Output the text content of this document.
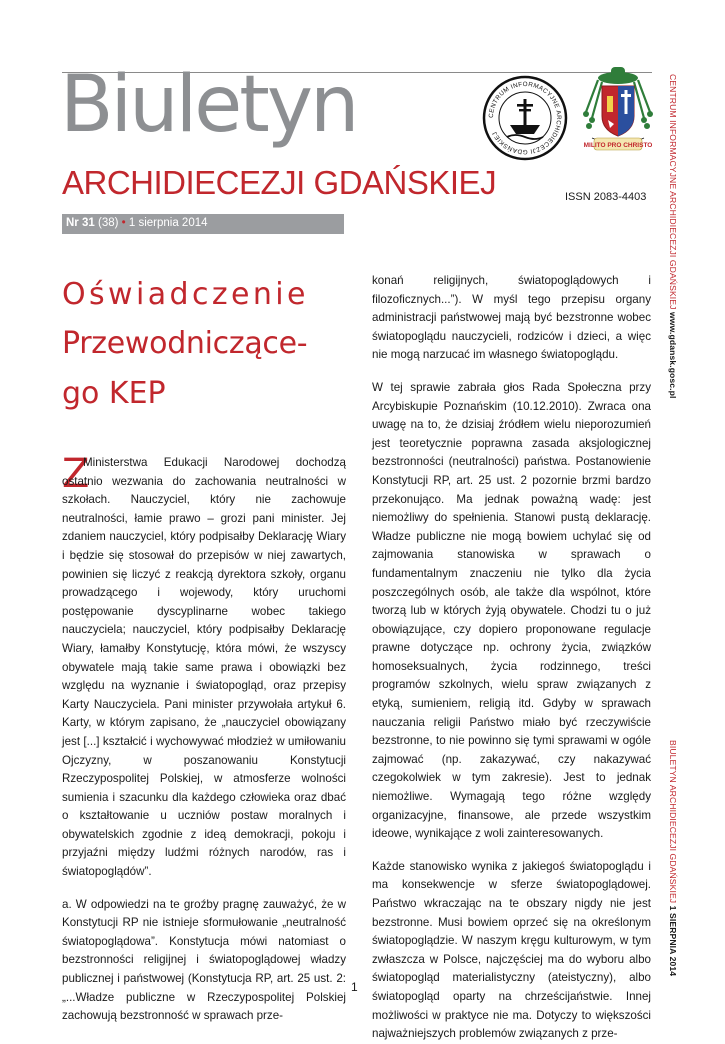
Biuletyn
ARCHIDIECEZJI GDAŃSKIEJ	ISSN 2083-4403
Nr 31 (38) • 1 sierpnia 2014
CENTRUM INFORMACYJNE ARCHIDIECEZJI GDAŃSKIEJ
MILITO PRO CHRISTO CENTRUM INFORMACYJNE ARCHIDIECEZJI GDAŃSKIEJ www.gdansk.gosc.pl
BIULETYN ARCHIDIECEZJI GDAŃSKIEJ 1 SIERPNIA 2014
Oświadczenie
Przewodniczące-
go KEP
Z

Ministerstwa Edukacji Narodowej dochodzą ostatnio wezwania do zachowania neutralności w szkołach. Nauczyciel, który nie zachowuje neutralności, łamie prawo – grozi pani minister. Jej zdaniem nauczyciel, który podpisałby Deklarację Wiary i będzie się stosował do przepisów w niej zawartych, powinien się liczyć z reakcją dyrektora szkoły, organu prowadzącego i wojewody, który uruchomi postępowanie dyscyplinarne wobec takiego nauczyciela; nauczyciel, który podpisałby Deklarację Wiary, łamałby Konstytucję, która mówi, że wszyscy obywatele mają takie same prawa i obowiązki bez względu na wyznanie i światopogląd, oraz przepisy Karty Nauczyciela. Pani minister przywołała artykuł 6. Karty, w którym zapisano, że „nauczyciel obowiązany jest [...] kształcić i wychowywać młodzież w umiłowaniu Ojczyzny, w poszanowaniu Konstytucji Rzeczypospolitej Polskiej, w atmosferze wolności sumienia i szacunku dla każdego człowieka oraz dbać o kształtowanie u uczniów postaw moralnych i obywatelskich zgodnie z ideą demokracji, pokoju i przyjaźni między ludźmi różnych narodów, ras i światopoglądów”.

a. W odpowiedzi na te groźby pragnę zauważyć, że w Konstytucji RP nie istnieje sformułowanie „neutralność światopoglądowa”. Konstytucja mówi natomiast o bezstronności religijnej i światopoglądowej władzy publicznej i państwowej (Konstytucja RP, art. 25 ust. 2: „...Władze publiczne w Rzeczypospolitej Polskiej zachowują bezstronność w sprawach prze-

konań religijnych, światopoglądowych i filozoficznych...”). W myśl tego przepisu organy administracji państwowej mają być bezstronne wobec światopoglądu nauczycieli, rodziców i dzieci, a więc nie mogą narzucać im własnego światopoglądu.

W tej sprawie zabrała głos Rada Społeczna przy Arcybiskupie Poznańskim (10.12.2010). Zwraca ona uwagę na to, że dzisiaj źródłem wielu nieporozumień jest teoretycznie poprawna zasada aksjologicznej bezstronności (neutralności) państwa. Postanowienie Konstytucji RP, art. 25 ust. 2 pozornie brzmi bardzo przekonująco. Ma jednak poważną wadę: jest niemożliwy do spełnienia. Stanowi pustą deklarację. Władze publiczne nie mogą bowiem uchylać się od zajmowania stanowiska w sprawach o fundamentalnym znaczeniu nie tylko dla życia poszczególnych osób, ale także dla wspólnot, które tworzą lub w których żyją obywatele. Chodzi tu o już obowiązujące, czy dopiero proponowane regulacje prawne dotyczące np. ochrony życia, związków homoseksualnych, życia rodzinnego, treści programów szkolnych, wielu spraw związanych z etyką, sumieniem, religią itd. Gdyby w sprawach nauczania religii Państwo miało być rzeczywiście bezstronne, to nie powinno się tymi sprawami w ogóle zajmować (np. zakazywać, czy nakazywać czegokolwiek w tym zakresie). Jest to jednak niemożliwe. Wymagają tego różne względy organizacyjne, finansowe, ale przede wszystkim ideowe, wynikające z woli zainteresowanych.

Każde stanowisko wynika z jakiegoś światopoglądu i ma konsekwencje w sferze światopoglądowej. Państwo wkraczając na te obszary nigdy nie jest bezstronne. Musi bowiem oprzeć się na określonym światopoglądzie. W naszym kręgu kulturowym, w tym zwłaszcza w Polsce, najczęściej ma do wyboru albo światopogląd materialistyczny (ateistyczny), albo światopogląd oparty na chrześcijaństwie. Innej możliwości w praktyce nie ma. Dotyczy to większości najważniejszych problemów związanych z prze-

1
